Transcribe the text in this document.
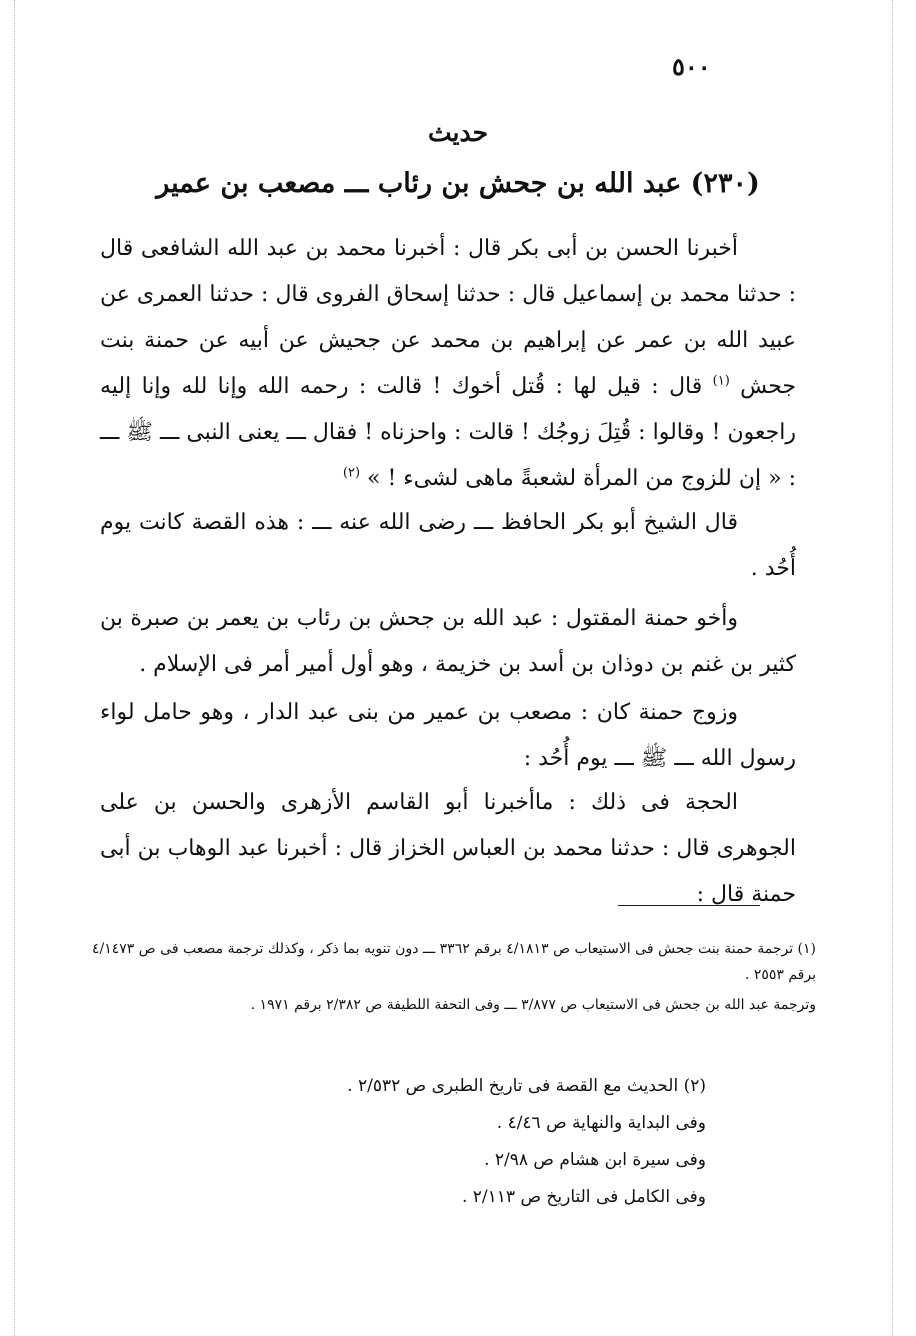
٥٠٠
حديث
(٢٣٠) عبد الله بن جحش بن رئاب ـــ مصعب بن عمير

أخبرنا الحسن بن أبى بكر قال : أخبرنا محمد بن عبد الله الشافعى قال : حدثنا محمد بن إسماعيل قال : حدثنا إسحاق الفروى قال : حدثنا العمرى عن عبيد الله بن عمر عن إبراهيم بن محمد عن جحيش عن أبيه عن حمنة بنت جحش $^{(١)}$ قال : قيل لها : قُتل أخوك ! قالت : رحمه الله وإنا لله وإنا إليه راجعون ! وقالوا : قُتِلَ زوجُك ! قالت : واحزناه ! فقال ـــ يعنى النبى ـــ ﷺ ـــ : « إن للزوج من المرأة لشعبةً ماهى لشىء ! » $^{(٢)}$

قال الشيخ أبو بكر الحافظ ـــ رضى الله عنه ـــ : هذه القصة كانت يوم أُحُد .

وأخو حمنة المقتول : عبد الله بن جحش بن رئاب بن يعمر بن صبرة بن كثير بن غنم بن دوذان بن أسد بن خزيمة ، وهو أول أمير أمر فى الإسلام .

وزوج حمنة كان : مصعب بن عمير من بنى عبد الدار ، وهو حامل لواء رسول الله ـــ ﷺ ـــ يوم أُحُد :

الحجة فى ذلك : ماأخبرنا أبو القاسم الأزهرى والحسن بن على الجوهرى قال : حدثنا محمد بن العباس الخزاز قال : أخبرنا عبد الوهاب بن أبى حمنة قال :

(١) ترجمة حمنة بنت جحش فى الاستيعاب ص ٤/١٨١٣ برقم ٣٣٦٢ ـــ دون تنويه بما ذكر ، وكذلك ترجمة مصعب فى ص ٤/١٤٧٣ برقم ٢٥٥٣ .

وترجمة عبد الله بن جحش فى الاستيعاب ص ٣/٨٧٧ ـــ وفى التحفة اللطيفة ص ٢/٣٨٢ برقم ١٩٧١ .

(٢) الحديث مع القصة فى تاريخ الطبرى ص ٢/٥٣٢ .

وفى البداية والنهاية ص ٤/٤٦ .

وفى سيرة ابن هشام ص ٢/٩٨ .

وفى الكامل فى التاريخ ص ٢/١١٣ .
